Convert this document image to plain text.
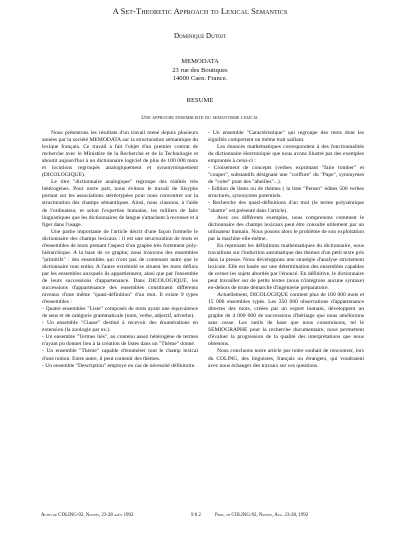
A Set-Theoretic Approach to Lexical Semantics
Dominique Dutoit
MEMODATA
23 rue des Boutiques
14000 Caen. France.
RESUME
Une approche ensembliste du semantisme lexical

Nous présentons les résultats d'un travail mené depuis plusieurs années par la société MEMODATA sur la structuration sémantique du lexique français. Ce travail a fait l'objet d'un premier contrat de recherche avec le Ministère de la Recherche et de la Technologie et aboutit aujourd'hui à un dictionnaire logiciel de plus de 100 000 mots et locutions regroupés analogiquement et synonymiquement (DICOLOGIQUE).

Le titre "dictionnaire analogique" regroupe des réalités très hétérogènes. Pour notre part, nous évitons le travail de Sisyphe portant sur les associations stéréotypées pour nous concentrer sur la structuration des champs sémantiques. Ainsi, nous classons, à l'aide de l'ordinateur, et selon l'expertise humaine, les milliers de faits linguistiques que les dictionnaires de langue s'attachent à recenser et à figer dans l'usage.

Une partie importante de l'article décrit d'une façon formelle le dictionnaire des champs lexicaux : il est une structuration de mots et d'ensembles de mots prenant l'aspect d'un graphe très fortement poly-hiérarchique. A la base de ce graphe, nous trouvons des ensembles "primitifs" : des ensembles qui n'ont pas de contenant autre que le dictionnaire tout entier. A l'autre extrémité se situent les mots définis par les ensembles auxquels ils appartiennent, ainsi que par l'ensemble de leurs successions d'appartenance. Dans DICOLOGIQUE, les successions d'appartenance des ensembles constituent différents niveaux d'une même "quasi-définition" d'un mot. Il existe 9 types d'ensembles :

- Quatre ensembles "Liste" composés de mots ayant une équivalence de sens et de catégorie grammaticale (nom, verbe, adjectif, adverbe).

- Un ensemble "Classe" destiné à recevoir des énumérations en extension (la zoologie par ex.).

- Un ensemble "Termes liés", au contenu assez hétérogène de termes n'ayant pu donner lieu à la création de listes dans un "Thème" donné.

- Un ensemble "Thème" capable d'énumérer tout le champ lexical d'une notion. Entre autre, il peut contenir des thèmes.

- Un ensemble "Description" employé en cas de nécessité définitoire.

- Un ensemble "Caractéristique" qui regroupe des mots dont les signifiés comportent un même trait saillant.

Les énoncés mathématiques correspondent à des fonctionnalités du dictionnaire électronique que nous avons illustré par des exemples empruntés à celui-ci :

- Croisement de concepts (verbes exprimant "faire tomber" et "couper", substantifs désignant une "coiffure" du "Pape", synonymes de "voler" pour des "abeilles"...).

- Edition de listes ou de thèmes ( la liste "Penser" édites 500 verbes structurés, synonymes potentiels.

- Recherche des quasi-définitions d'un mot (le terme polysémique "abattre" est présenté dans l'article).

Avec ces différents exemples, nous comprenons comment le dictionnaire des champs lexicaux peut être consulté utilement par un utilisateur humain. Nous posons alors le problème de son exploitation par la machine elle-même.

En reprenant les définitions mathématiques du dictionnaire, nous travaillons sur l'induction automatique des thèmes d'un petit texte pris dans la presse. Nous développons une stratégie d'analyse strictement lexicale. Elle est basée sur une détermination des ensembles capables de cerner les sujets abordés par l'énoncé. En définitive, le dictionnaire peut travailler sur de petits textes (nous n'intégrons aucune syntaxe) en-dehors de toute démarche d'ingénierie préparatoire.

Actuellement, DICOLOGIQUE contient plus de 100 000 mots et 15 000 ensembles typés. Les 350 000 observations d'appartenance directes des mots, créées par un expert humain, développent un graphe de 4 000 000 de successions d'héritage que nous améliorons sans cesse. Les outils de base que nous construisons, tel le SEMIOGRAPHE pour la recherche documentaire, nous permettent d'évaluer la progression de la qualité des interprétations que nous obtenons.

Nous concluons notre article par notre souhait de rencontrer, lors du COLING, des linguistes, français ou étrangers, qui voudraient avec nous échanger des travaux sur ces questions.

Actes de COLING-92, Nantes, 23-28 août 1992	9 8 2	Proc. of COLING-92, Nantes, Aug. 23-28, 1992
